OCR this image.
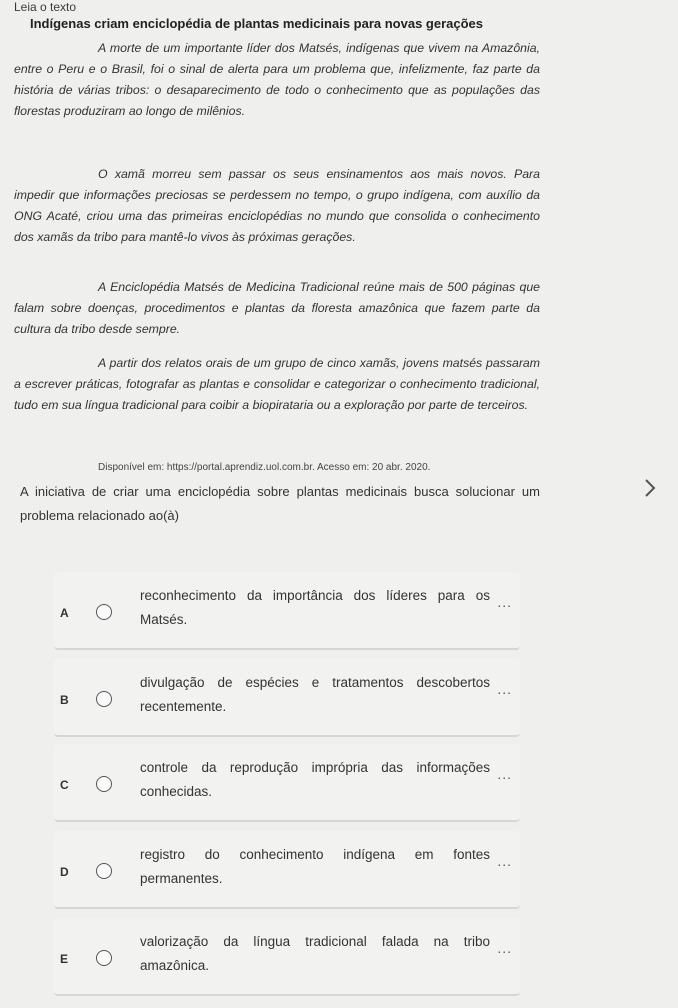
Leia o texto
Indígenas criam enciclopédia de plantas medicinais para novas gerações

A morte de um importante líder dos Matsés, indígenas que vivem na Amazônia, entre o Peru e o Brasil, foi o sinal de alerta para um problema que, infelizmente, faz parte da história de várias tribos: o desaparecimento de todo o conhecimento que as populações das florestas produziram ao longo de milênios.

O xamã morreu sem passar os seus ensinamentos aos mais novos. Para impedir que informações preciosas se perdessem no tempo, o grupo indígena, com auxílio da ONG Acaté, criou uma das primeiras enciclopédias no mundo que consolida o conhecimento dos xamãs da tribo para mantê-lo vivos às próximas gerações.

A Enciclopédia Matsés de Medicina Tradicional reúne mais de 500 páginas que falam sobre doenças, procedimentos e plantas da floresta amazônica que fazem parte da cultura da tribo desde sempre.

A partir dos relatos orais de um grupo de cinco xamãs, jovens matsés passaram a escrever práticas, fotografar as plantas e consolidar e categorizar o conhecimento tradicional, tudo em sua língua tradicional para coibir a biopirataria ou a exploração por parte de terceiros.

Disponível em: https://portal.aprendiz.uol.com.br. Acesso em: 20 abr. 2020.
A iniciativa de criar uma enciclopédia sobre plantas medicinais busca solucionar um problema relacionado ao(à)
A
reconhecimento da importância dos líderes para os Matsés.
...
B
divulgação de espécies e tratamentos descobertos recentemente.
...
C
controle da reprodução imprópria das informações conhecidas.
...
D
registro do conhecimento indígena em fontes permanentes.
...
E
valorização da língua tradicional falada na tribo amazônica.
...
